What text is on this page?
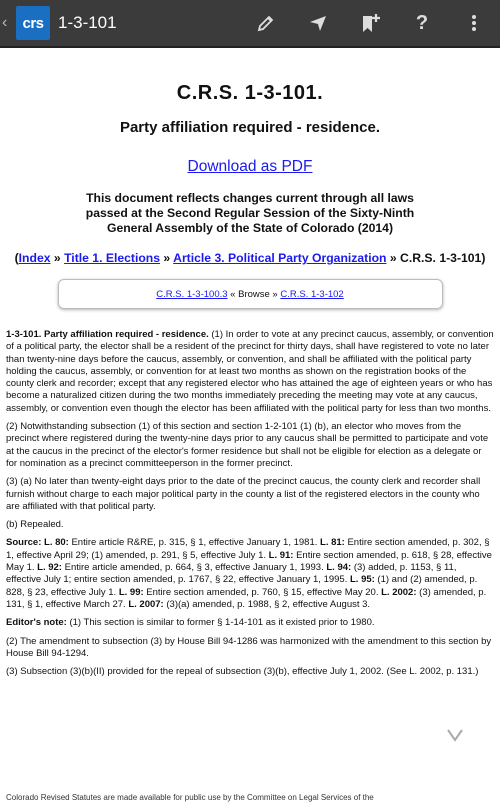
‹	crs 1-3-101	?
C.R.S. 1-3-101.
Party affiliation required - residence.
Download as PDF
This document reflects changes current through all laws passed at the Second Regular Session of the Sixty-Ninth General Assembly of the State of Colorado (2014)
(Index » Title 1. Elections » Article 3. Political Party Organization » C.R.S. 1-3-101)
C.R.S. 1-3-100.3 « Browse » C.R.S. 1-3-102

1-3-101. Party affiliation required - residence. (1) In order to vote at any precinct caucus, assembly, or convention of a political party, the elector shall be a resident of the precinct for thirty days, shall have registered to vote no later than twenty-nine days before the caucus, assembly, or convention, and shall be affiliated with the political party holding the caucus, assembly, or convention for at least two months as shown on the registration books of the county clerk and recorder; except that any registered elector who has attained the age of eighteen years or who has become a naturalized citizen during the two months immediately preceding the meeting may vote at any caucus, assembly, or convention even though the elector has been affiliated with the political party for less than two months.

(2) Notwithstanding subsection (1) of this section and section 1-2-101 (1) (b), an elector who moves from the precinct where registered during the twenty-nine days prior to any caucus shall be permitted to participate and vote at the caucus in the precinct of the elector's former residence but shall not be eligible for election as a delegate or for nomination as a precinct committeeperson in the former precinct.

(3) (a) No later than twenty-eight days prior to the date of the precinct caucus, the county clerk and recorder shall furnish without charge to each major political party in the county a list of the registered electors in the county who are affiliated with that political party.

(b) Repealed.

Source: L. 80: Entire article R&RE, p. 315, § 1, effective January 1, 1981. L. 81: Entire section amended, p. 302, § 1, effective April 29; (1) amended, p. 291, § 5, effective July 1. L. 91: Entire section amended, p. 618, § 28, effective May 1. L. 92: Entire article amended, p. 664, § 3, effective January 1, 1993. L. 94: (3) added, p. 1153, § 11, effective July 1; entire section amended, p. 1767, § 22, effective January 1, 1995. L. 95: (1) and (2) amended, p. 828, § 23, effective July 1. L. 99: Entire section amended, p. 760, § 15, effective May 20. L. 2002: (3) amended, p. 131, § 1, effective March 27. L. 2007: (3)(a) amended, p. 1988, § 2, effective August 3.

Editor's note: (1) This section is similar to former § 1-14-101 as it existed prior to 1980.

(2) The amendment to subsection (3) by House Bill 94-1286 was harmonized with the amendment to this section by House Bill 94-1294.

(3) Subsection (3)(b)(II) provided for the repeal of subsection (3)(b), effective July 1, 2002. (See L. 2002, p. 131.)

Colorado Revised Statutes are made available for public use by the Committee on Legal Services of the
